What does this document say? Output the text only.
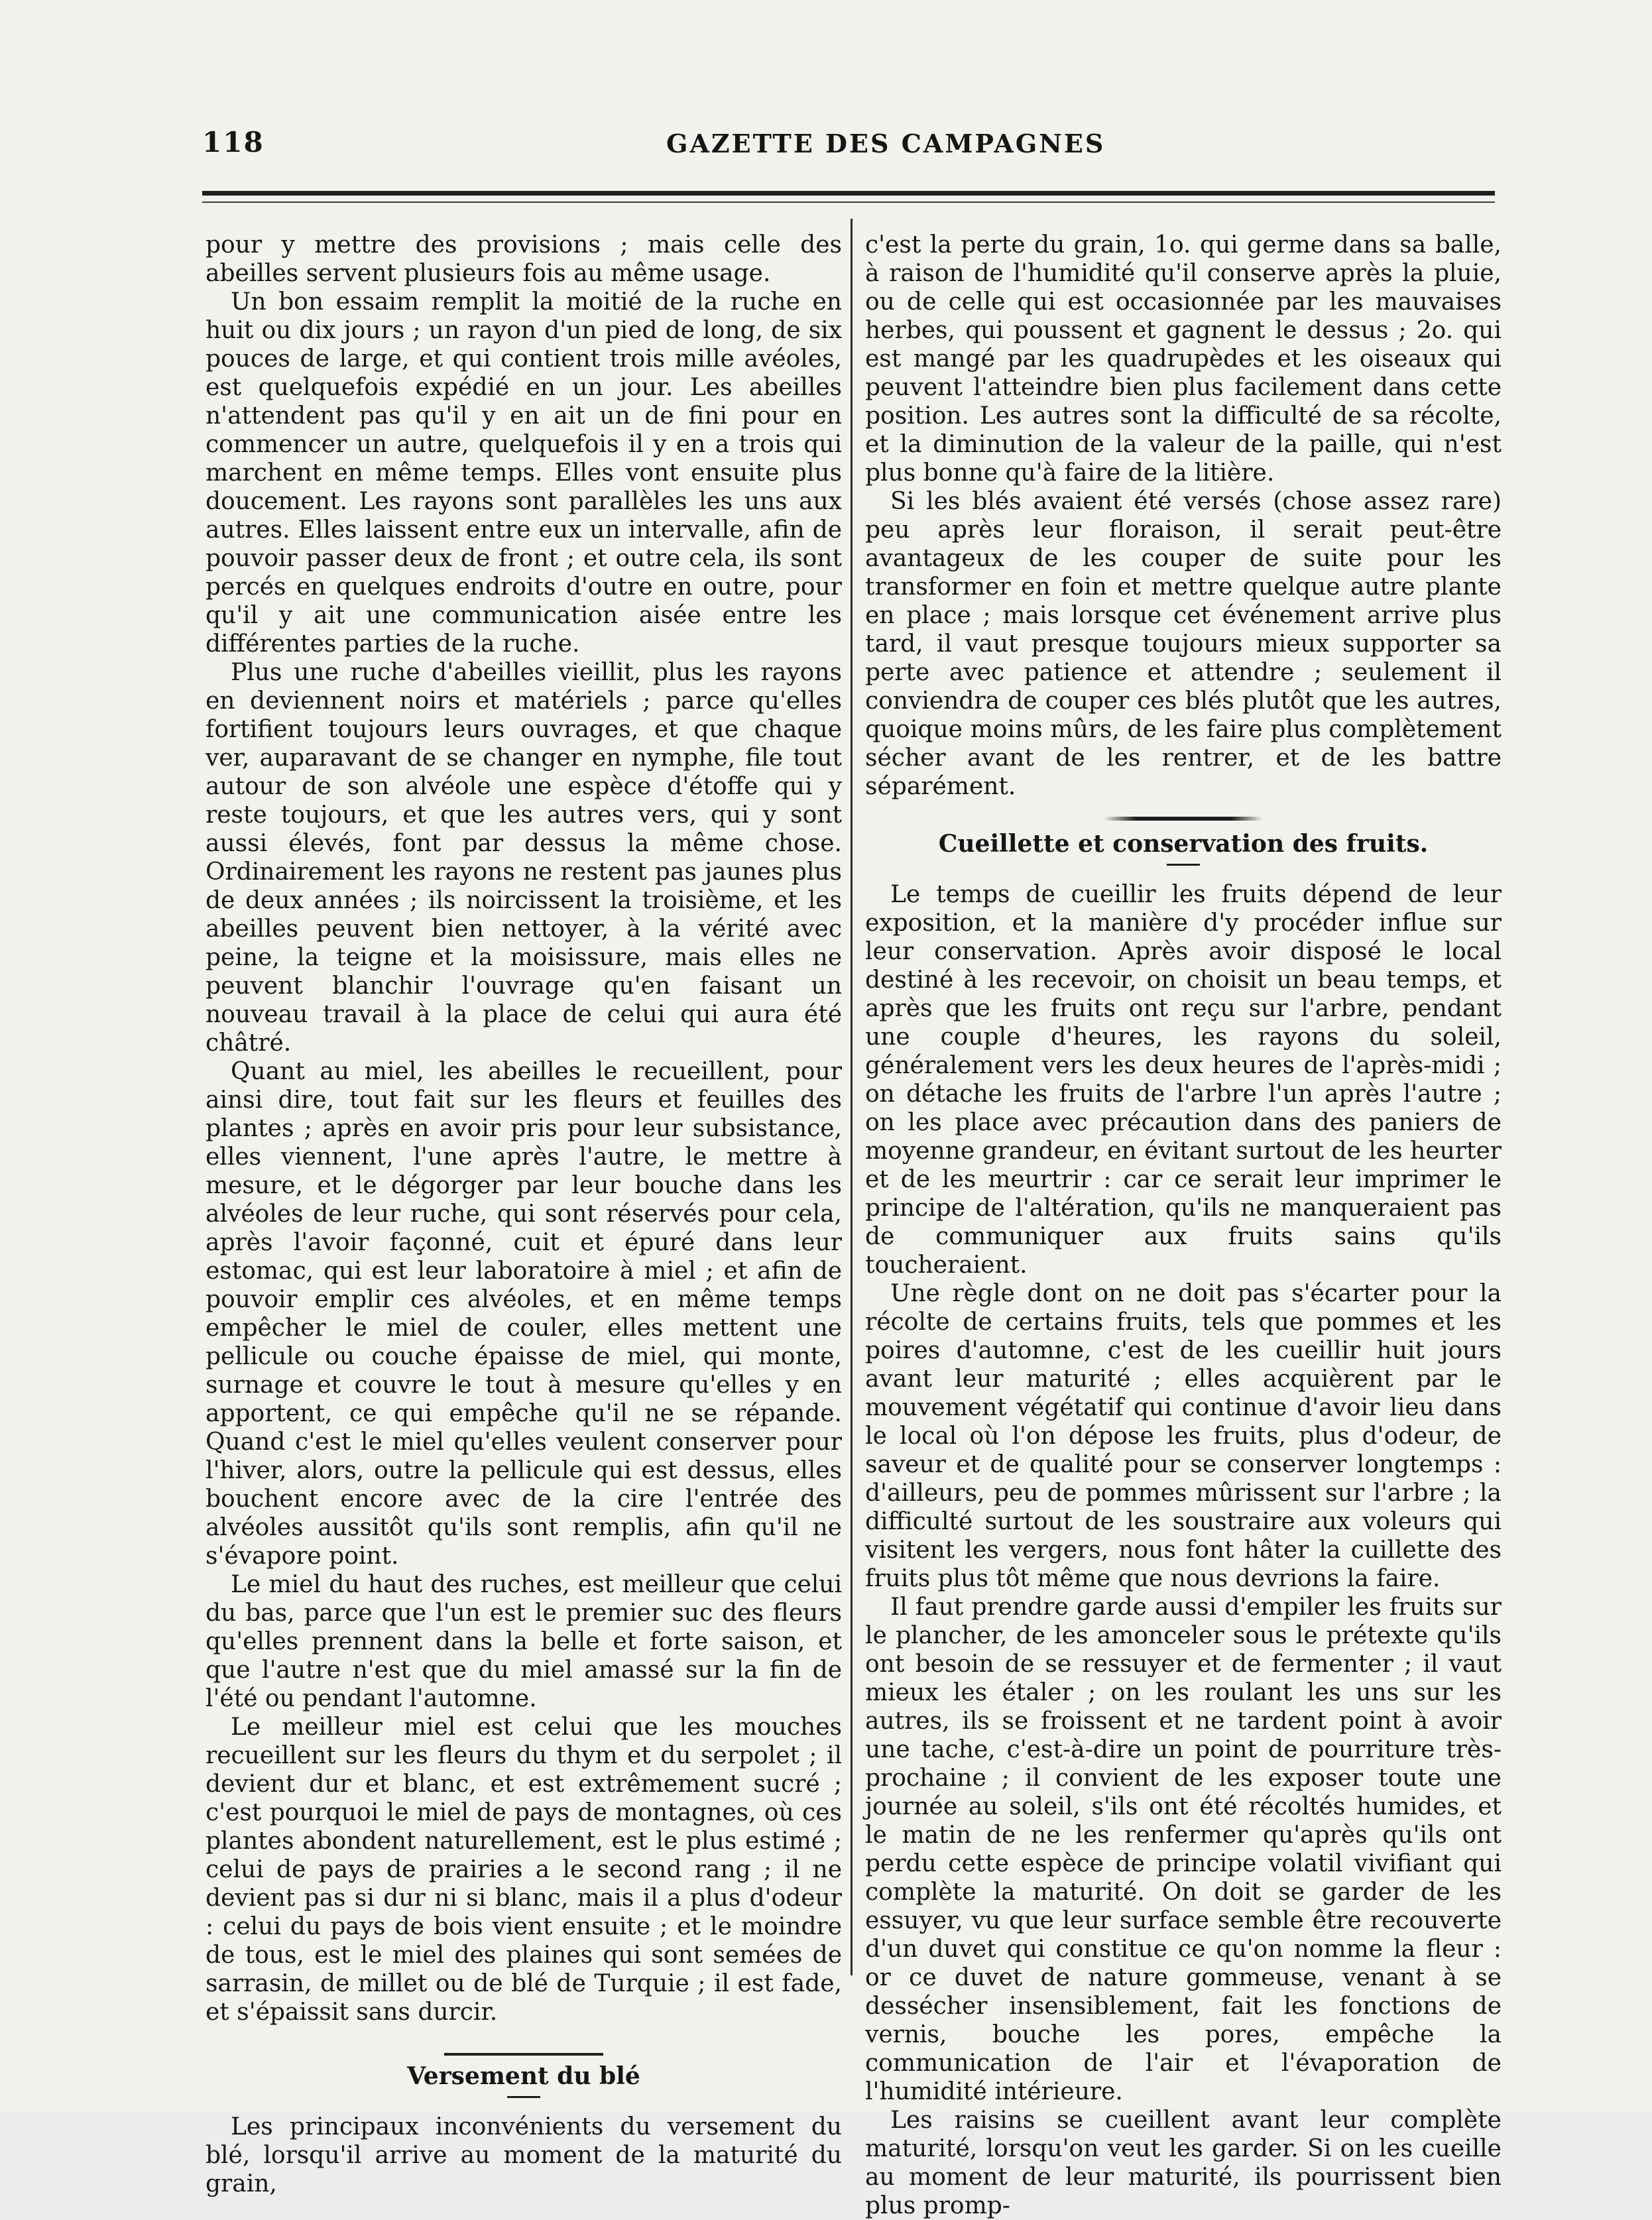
118	GAZETTE DES CAMPAGNES

pour y mettre des provisions ; mais celle des abeilles servent plusieurs fois au même usage.

Un bon essaim remplit la moitié de la ruche en huit ou dix jours ; un rayon d'un pied de long, de six pouces de large, et qui contient trois mille avéoles, est quelquefois expédié en un jour. Les abeilles n'attendent pas qu'il y en ait un de fini pour en commencer un autre, quelquefois il y en a trois qui marchent en même temps. Elles vont ensuite plus doucement. Les rayons sont parallèles les uns aux autres. Elles laissent entre eux un intervalle, afin de pouvoir passer deux de front ; et outre cela, ils sont percés en quelques endroits d'outre en outre, pour qu'il y ait une communication aisée entre les différentes parties de la ruche.

Plus une ruche d'abeilles vieillit, plus les rayons en deviennent noirs et matériels ; parce qu'elles fortifient toujours leurs ouvrages, et que chaque ver, auparavant de se changer en nymphe, file tout autour de son alvéole une espèce d'étoffe qui y reste toujours, et que les autres vers, qui y sont aussi élevés, font par dessus la même chose. Ordinairement les rayons ne restent pas jaunes plus de deux années ; ils noircissent la troisième, et les abeilles peuvent bien nettoyer, à la vérité avec peine, la teigne et la moisissure, mais elles ne peuvent blanchir l'ouvrage qu'en faisant un nouveau travail à la place de celui qui aura été châtré.

Quant au miel, les abeilles le recueillent, pour ainsi dire, tout fait sur les fleurs et feuilles des plantes ; après en avoir pris pour leur subsistance, elles viennent, l'une après l'autre, le mettre à mesure, et le dégorger par leur bouche dans les alvéoles de leur ruche, qui sont réservés pour cela, après l'avoir façonné, cuit et épuré dans leur estomac, qui est leur laboratoire à miel ; et afin de pouvoir emplir ces alvéoles, et en même temps empêcher le miel de couler, elles mettent une pellicule ou couche épaisse de miel, qui monte, surnage et couvre le tout à mesure qu'elles y en apportent, ce qui empêche qu'il ne se répande. Quand c'est le miel qu'elles veulent conserver pour l'hiver, alors, outre la pellicule qui est dessus, elles bouchent encore avec de la cire l'entrée des alvéoles aussitôt qu'ils sont remplis, afin qu'il ne s'évapore point.

Le miel du haut des ruches, est meilleur que celui du bas, parce que l'un est le premier suc des fleurs qu'elles prennent dans la belle et forte saison, et que l'autre n'est que du miel amassé sur la fin de l'été ou pendant l'automne.

Le meilleur miel est celui que les mouches recueillent sur les fleurs du thym et du serpolet ; il devient dur et blanc, et est extrêmement sucré ; c'est pourquoi le miel de pays de montagnes, où ces plantes abondent naturellement, est le plus estimé ; celui de pays de prairies a le second rang ; il ne devient pas si dur ni si blanc, mais il a plus d'odeur : celui du pays de bois vient ensuite ; et le moindre de tous, est le miel des plaines qui sont semées de sarrasin, de millet ou de blé de Turquie ; il est fade, et s'épaissit sans durcir.

Versement du blé

Les principaux inconvénients du versement du blé, lorsqu'il arrive au moment de la maturité du grain,

c'est la perte du grain, 1o. qui germe dans sa balle, à raison de l'humidité qu'il conserve après la pluie, ou de celle qui est occasionnée par les mauvaises herbes, qui poussent et gagnent le dessus ; 2o. qui est mangé par les quadrupèdes et les oiseaux qui peuvent l'atteindre bien plus facilement dans cette position. Les autres sont la difficulté de sa récolte, et la diminution de la valeur de la paille, qui n'est plus bonne qu'à faire de la litière.

Si les blés avaient été versés (chose assez rare) peu après leur floraison, il serait peut-être avantageux de les couper de suite pour les transformer en foin et mettre quelque autre plante en place ; mais lorsque cet événement arrive plus tard, il vaut presque toujours mieux supporter sa perte avec patience et attendre ; seulement il conviendra de couper ces blés plutôt que les autres, quoique moins mûrs, de les faire plus complètement sécher avant de les rentrer, et de les battre séparément.

Cueillette et conservation des fruits.

Le temps de cueillir les fruits dépend de leur exposition, et la manière d'y procéder influe sur leur conservation. Après avoir disposé le local destiné à les recevoir, on choisit un beau temps, et après que les fruits ont reçu sur l'arbre, pendant une couple d'heures, les rayons du soleil, généralement vers les deux heures de l'après-midi ; on détache les fruits de l'arbre l'un après l'autre ; on les place avec précaution dans des paniers de moyenne grandeur, en évitant surtout de les heurter et de les meurtrir : car ce serait leur imprimer le principe de l'altération, qu'ils ne manqueraient pas de communiquer aux fruits sains qu'ils toucheraient.

Une règle dont on ne doit pas s'écarter pour la récolte de certains fruits, tels que pommes et les poires d'automne, c'est de les cueillir huit jours avant leur maturité ; elles acquièrent par le mouvement végétatif qui continue d'avoir lieu dans le local où l'on dépose les fruits, plus d'odeur, de saveur et de qualité pour se conserver longtemps : d'ailleurs, peu de pommes mûrissent sur l'arbre ; la difficulté surtout de les soustraire aux voleurs qui visitent les vergers, nous font hâter la cuillette des fruits plus tôt même que nous devrions la faire.

Il faut prendre garde aussi d'empiler les fruits sur le plancher, de les amonceler sous le prétexte qu'ils ont besoin de se ressuyer et de fermenter ; il vaut mieux les étaler ; on les roulant les uns sur les autres, ils se froissent et ne tardent point à avoir une tache, c'est-à-dire un point de pourriture très-prochaine ; il convient de les exposer toute une journée au soleil, s'ils ont été récoltés humides, et le matin de ne les renfermer qu'après qu'ils ont perdu cette espèce de principe volatil vivifiant qui complète la maturité. On doit se garder de les essuyer, vu que leur surface semble être recouverte d'un duvet qui constitue ce qu'on nomme la fleur : or ce duvet de nature gommeuse, venant à se dessécher insensiblement, fait les fonctions de vernis, bouche les pores, empêche la communication de l'air et l'évaporation de l'humidité intérieure.

Les raisins se cueillent avant leur complète maturité, lorsqu'on veut les garder. Si on les cueille au moment de leur maturité, ils pourrissent bien plus promp-
